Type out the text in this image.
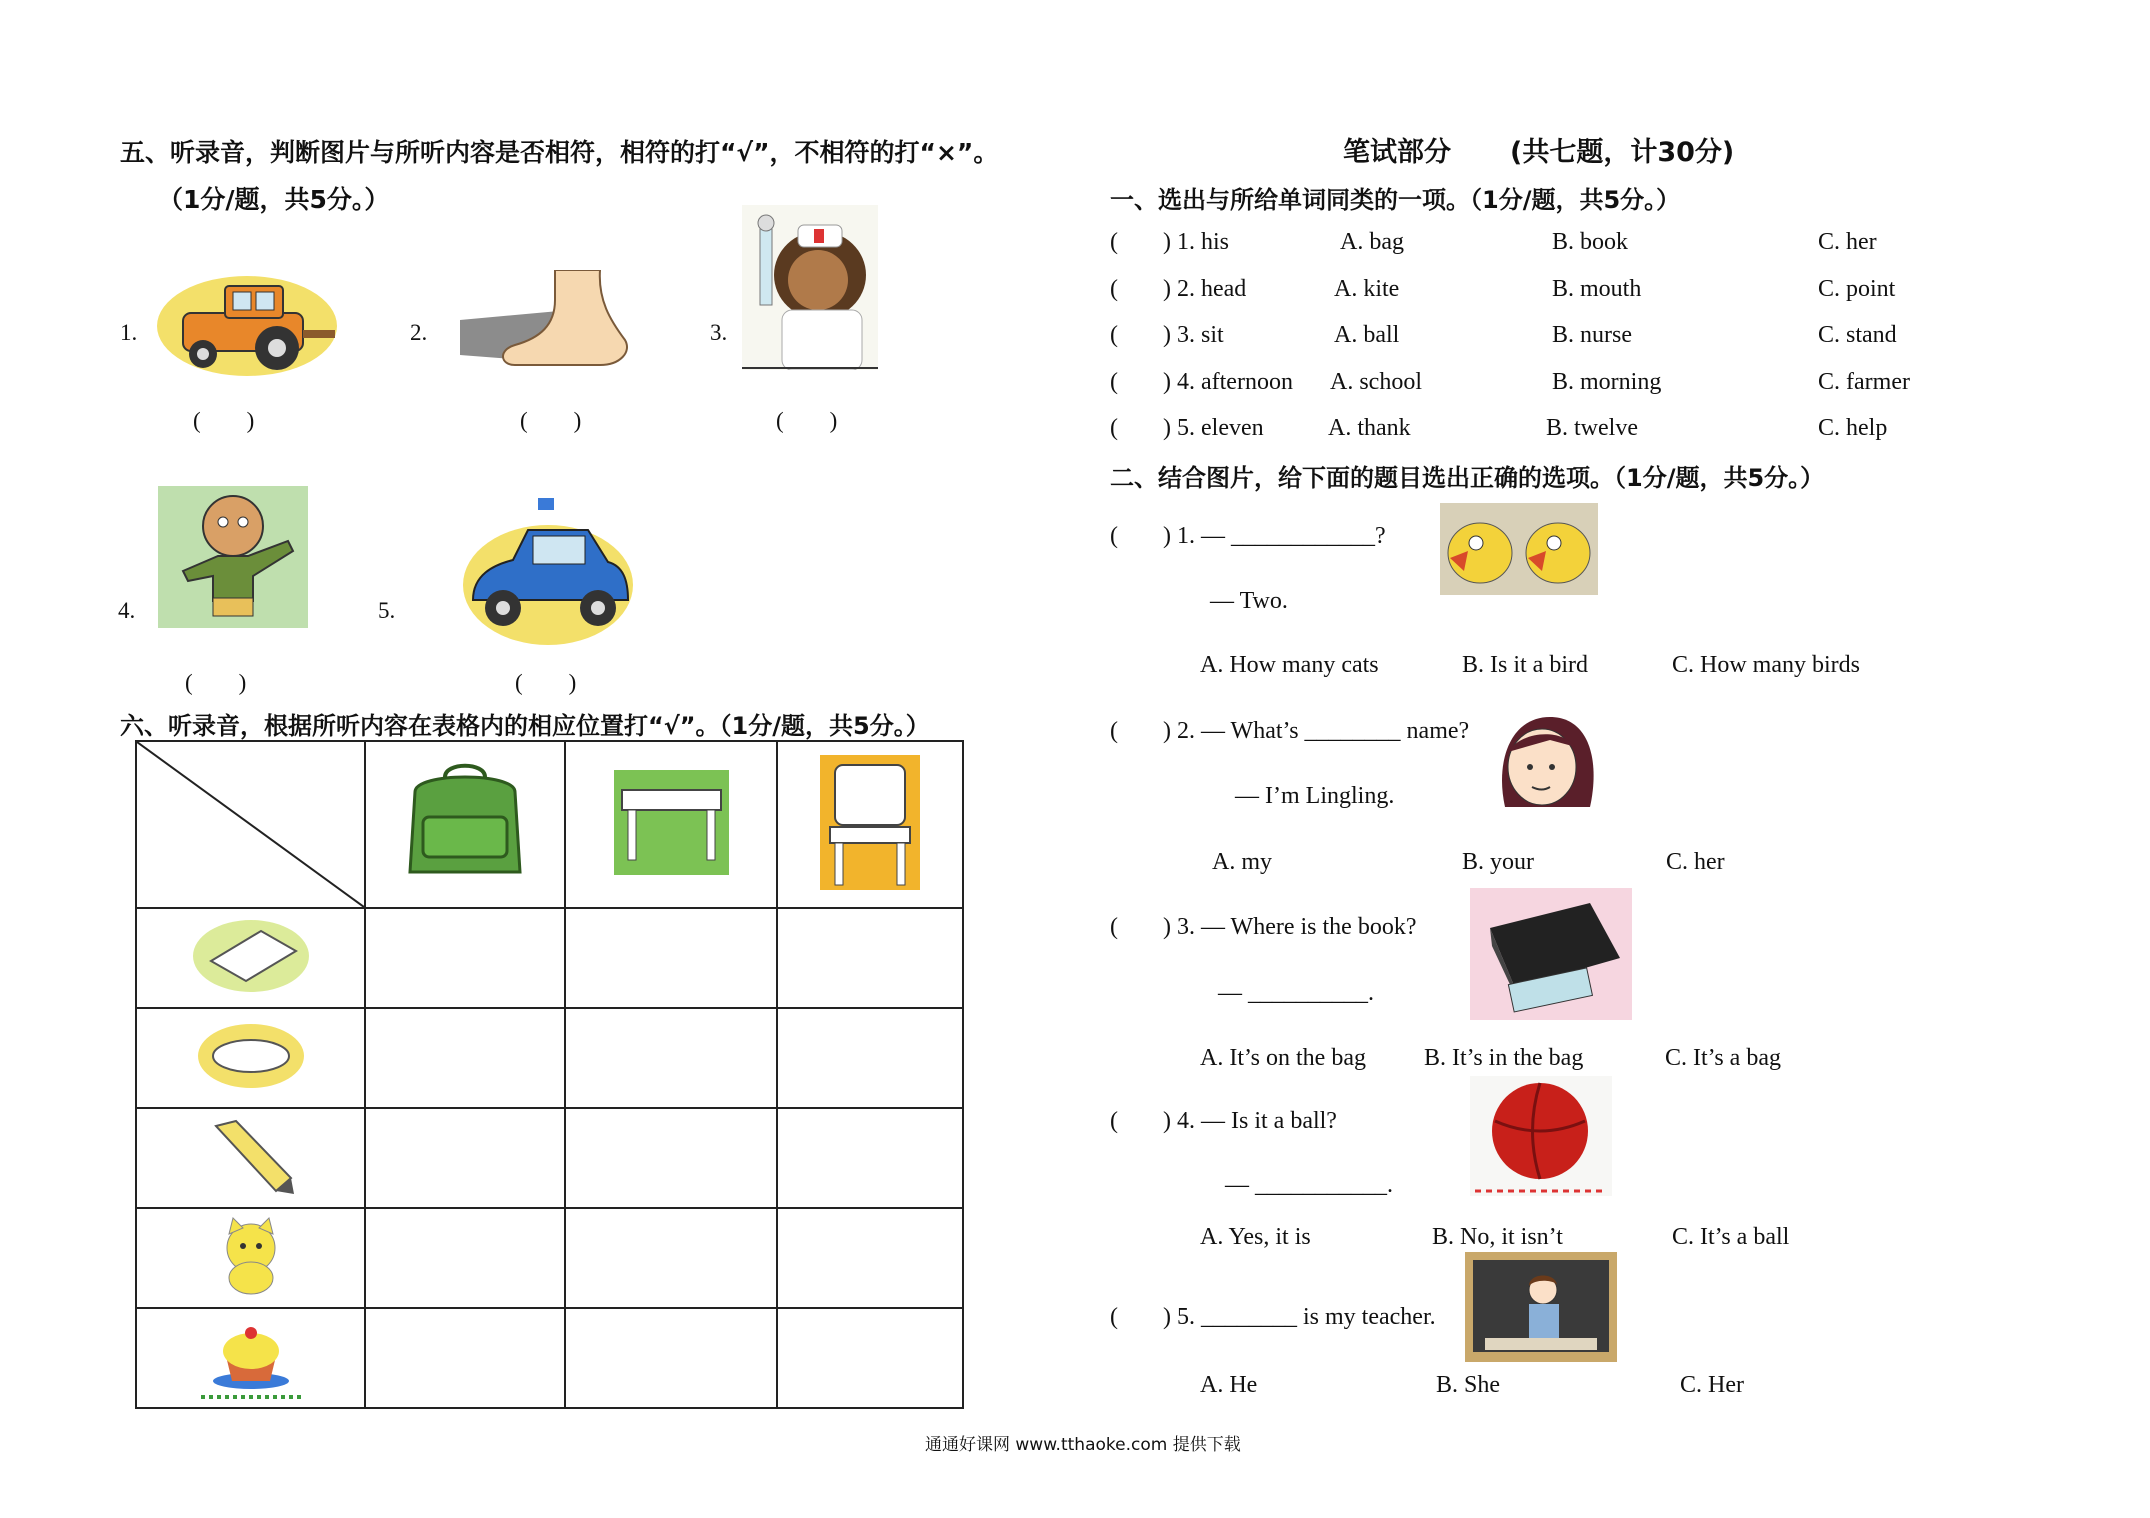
五、听录音，判断图片与所听内容是否相符，相符的打“√”，不相符的打“×”。
（1分/题，共5分。）
1.
(　　)
2.
(　　)
3.
(　　)
4.
(　　)
5.
(　　)
六、听录音，根据所听内容在表格内的相应位置打“√”。（1分/题，共5分。）

笔试部分 (共七题，计30分)
一、选出与所给单词同类的一项。（1分/题，共5分。）
( ) 1. his	A. bag	B. book	C. her
( ) 2. head	A. kite	B. mouth	C. point
( ) 3. sit	A. ball	B. nurse	C. stand
( ) 4. afternoon A. school	B. morning	C. farmer
( ) 5. eleven	A. thank	B. twelve	C. help
二、结合图片，给下面的题目选出正确的选项。（1分/题，共5分。）
( ) 1. — ____________?
— Two.
A. How many cats	B. Is it a bird	C. How many birds
( ) 2. — What’s ________ name?
— I’m Lingling.
A. my	B. your	C. her
( ) 3. — Where is the book?
— __________.
A. It’s on the bag B. It’s in the bag	C. It’s a bag
( ) 4. — Is it a ball?
— ___________.
A. Yes, it is	B. No, it isn’t	C. It’s a ball
( ) 5. ________ is my teacher.
A. He	B. She	C. Her
通通好课网 www.tthaoke.com 提供下载
